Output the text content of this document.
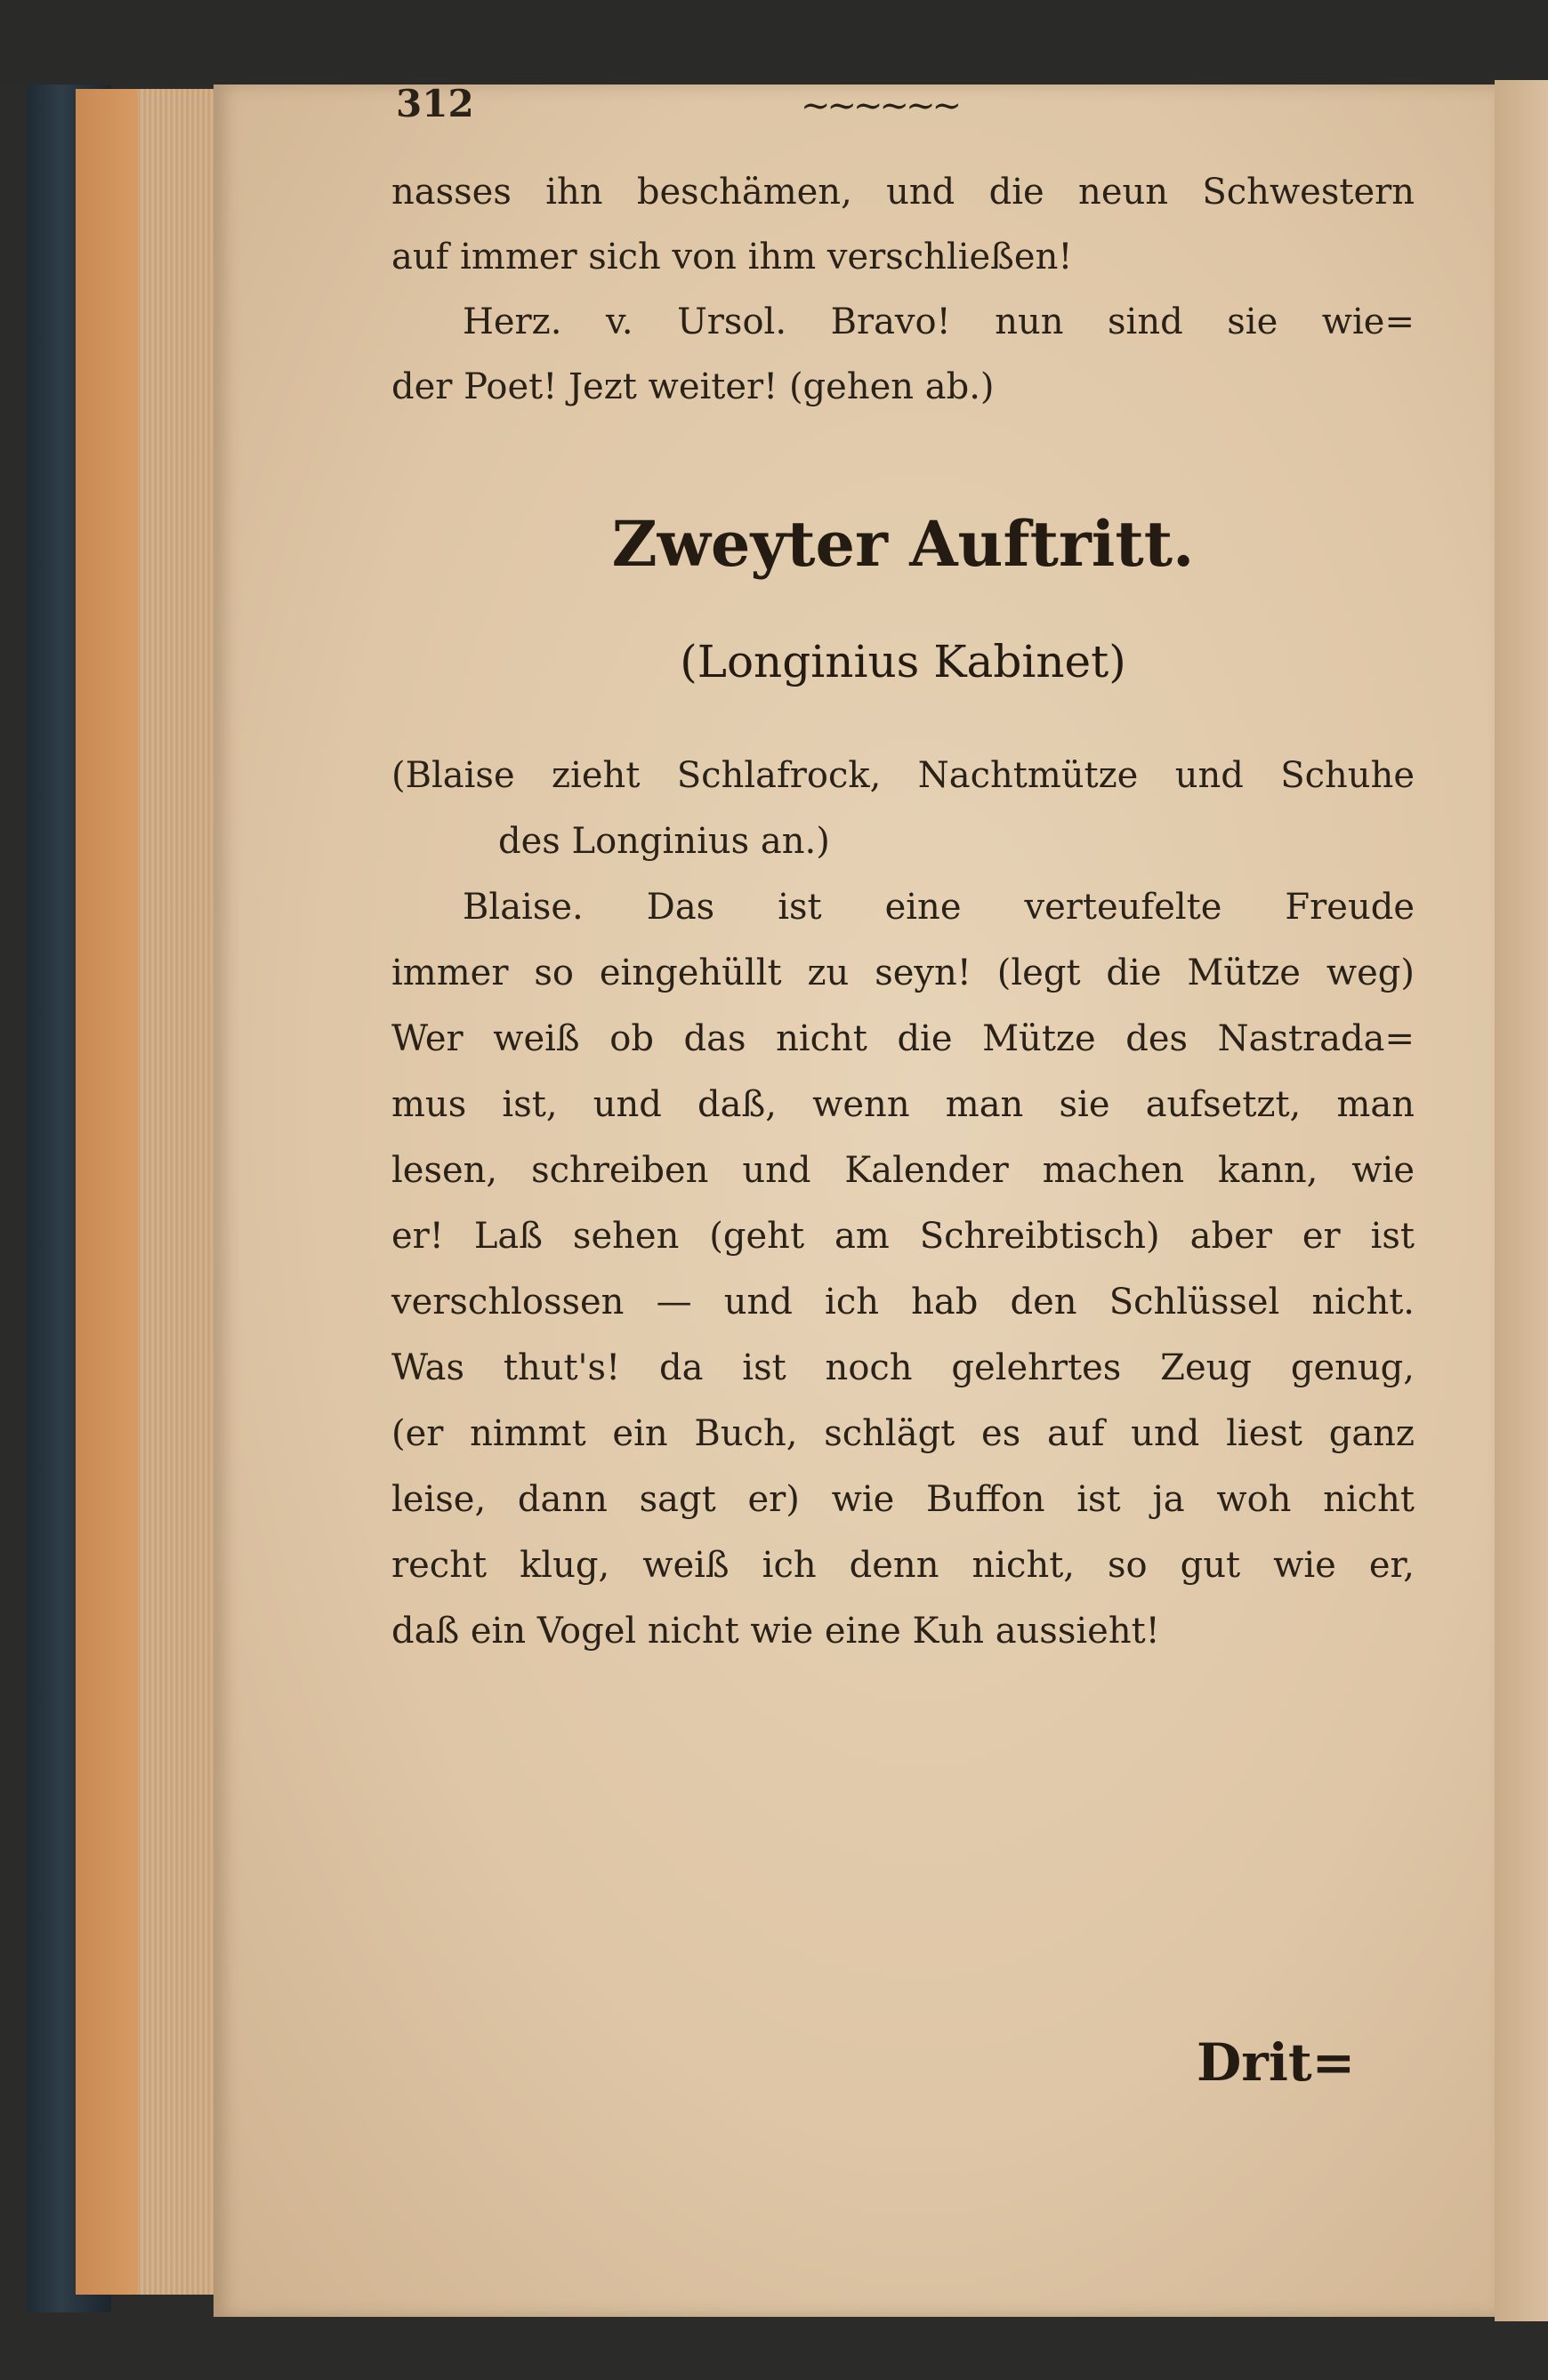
312	~~~~~~
nasses ihn beschämen, und die neun Schwestern
auf immer sich von ihm verschließen!
Herz. v. Ursol. Bravo! nun sind sie wie=
der Poet! Jezt weiter! (gehen ab.)
Zweyter Auftritt.
(Longinius Kabinet)
(Blaise zieht Schlafrock, Nachtmütze und Schuhe
des Longinius an.)
Blaise. Das ist eine verteufelte Freude
immer so eingehüllt zu seyn! (legt die Mütze weg)
Wer weiß ob das nicht die Mütze des Nastrada=
mus ist, und daß, wenn man sie aufsetzt, man
lesen, schreiben und Kalender machen kann, wie
er! Laß sehen (geht am Schreibtisch) aber er ist
verschlossen — und ich hab den Schlüssel nicht.
Was thut's! da ist noch gelehrtes Zeug genug,
(er nimmt ein Buch, schlägt es auf und liest ganz
leise, dann sagt er) wie Buffon ist ja woh nicht
recht klug, weiß ich denn nicht, so gut wie er,
daß ein Vogel nicht wie eine Kuh aussieht!
Drit=
